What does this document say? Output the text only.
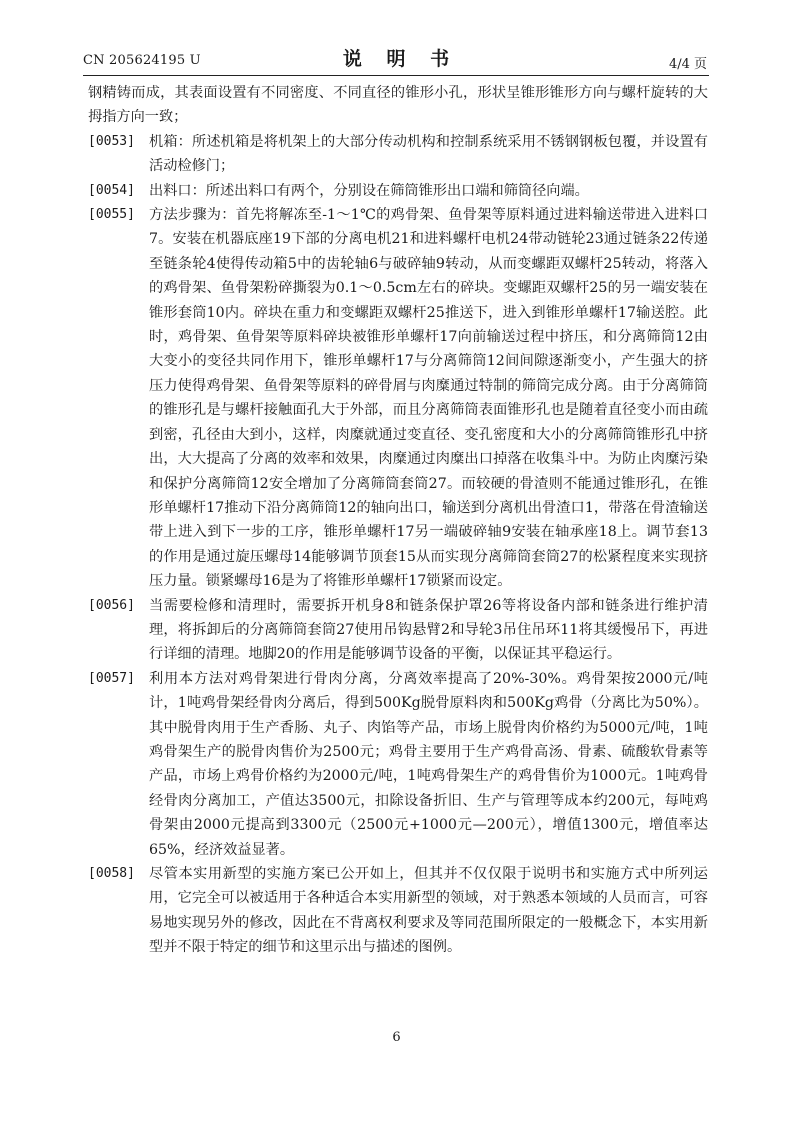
CN 205624195 U	说 明 书	4/4 页

钢精铸而成，其表面设置有不同密度、不同直径的锥形小孔，形状呈锥形锥形方向与螺杆旋转的大拇指方向一致；

[0053] 机箱：所述机箱是将机架上的大部分传动机构和控制系统采用不锈钢钢板包覆，并设置有活动检修门；

[0054] 出料口：所述出料口有两个，分别设在筛筒锥形出口端和筛筒径向端。

[0055] 方法步骤为：首先将解冻至-1～1℃的鸡骨架、鱼骨架等原料通过进料输送带进入进料口7。安装在机器底座19下部的分离电机21和进料螺杆电机24带动链轮23通过链条22传递至链条轮4使得传动箱5中的齿轮轴6与破碎轴9转动，从而变螺距双螺杆25转动，将落入的鸡骨架、鱼骨架粉碎撕裂为0.1～0.5cm左右的碎块。变螺距双螺杆25的另一端安装在锥形套筒10内。碎块在重力和变螺距双螺杆25推送下，进入到锥形单螺杆17输送腔。此时，鸡骨架、鱼骨架等原料碎块被锥形单螺杆17向前输送过程中挤压，和分离筛筒12由大变小的变径共同作用下，锥形单螺杆17与分离筛筒12间间隙逐渐变小，产生强大的挤压力使得鸡骨架、鱼骨架等原料的碎骨屑与肉糜通过特制的筛筒完成分离。由于分离筛筒的锥形孔是与螺杆接触面孔大于外部，而且分离筛筒表面锥形孔也是随着直径变小而由疏到密，孔径由大到小，这样，肉糜就通过变直径、变孔密度和大小的分离筛筒锥形孔中挤出，大大提高了分离的效率和效果，肉糜通过肉糜出口掉落在收集斗中。为防止肉糜污染和保护分离筛筒12安全增加了分离筛筒套筒27。而较硬的骨渣则不能通过锥形孔，在锥形单螺杆17推动下沿分离筛筒12的轴向出口，输送到分离机出骨渣口1，带落在骨渣输送带上进入到下一步的工序，锥形单螺杆17另一端破碎轴9安装在轴承座18上。调节套13的作用是通过旋压螺母14能够调节顶套15从而实现分离筛筒套筒27的松紧程度来实现挤压力量。锁紧螺母16是为了将锥形单螺杆17锁紧而设定。

[0056] 当需要检修和清理时，需要拆开机身8和链条保护罩26等将设备内部和链条进行维护清理，将拆卸后的分离筛筒套筒27使用吊钩悬臂2和导轮3吊住吊环11将其缓慢吊下，再进行详细的清理。地脚20的作用是能够调节设备的平衡，以保证其平稳运行。

[0057] 利用本方法对鸡骨架进行骨肉分离，分离效率提高了20%-30%。鸡骨架按2000元/吨计，1吨鸡骨架经骨肉分离后，得到500Kg脱骨原料肉和500Kg鸡骨（分离比为50%）。其中脱骨肉用于生产香肠、丸子、肉馅等产品，市场上脱骨肉价格约为5000元/吨，1吨鸡骨架生产的脱骨肉售价为2500元；鸡骨主要用于生产鸡骨高汤、骨素、硫酸软骨素等产品，市场上鸡骨价格约为2000元/吨，1吨鸡骨架生产的鸡骨售价为1000元。1吨鸡骨经骨肉分离加工，产值达3500元，扣除设备折旧、生产与管理等成本约200元，每吨鸡骨架由2000元提高到3300元（2500元+1000元—200元），增值1300元，增值率达65%，经济效益显著。

[0058] 尽管本实用新型的实施方案已公开如上，但其并不仅仅限于说明书和实施方式中所列运用，它完全可以被适用于各种适合本实用新型的领域，对于熟悉本领域的人员而言，可容易地实现另外的修改，因此在不背离权利要求及等同范围所限定的一般概念下，本实用新型并不限于特定的细节和这里示出与描述的图例。

6
